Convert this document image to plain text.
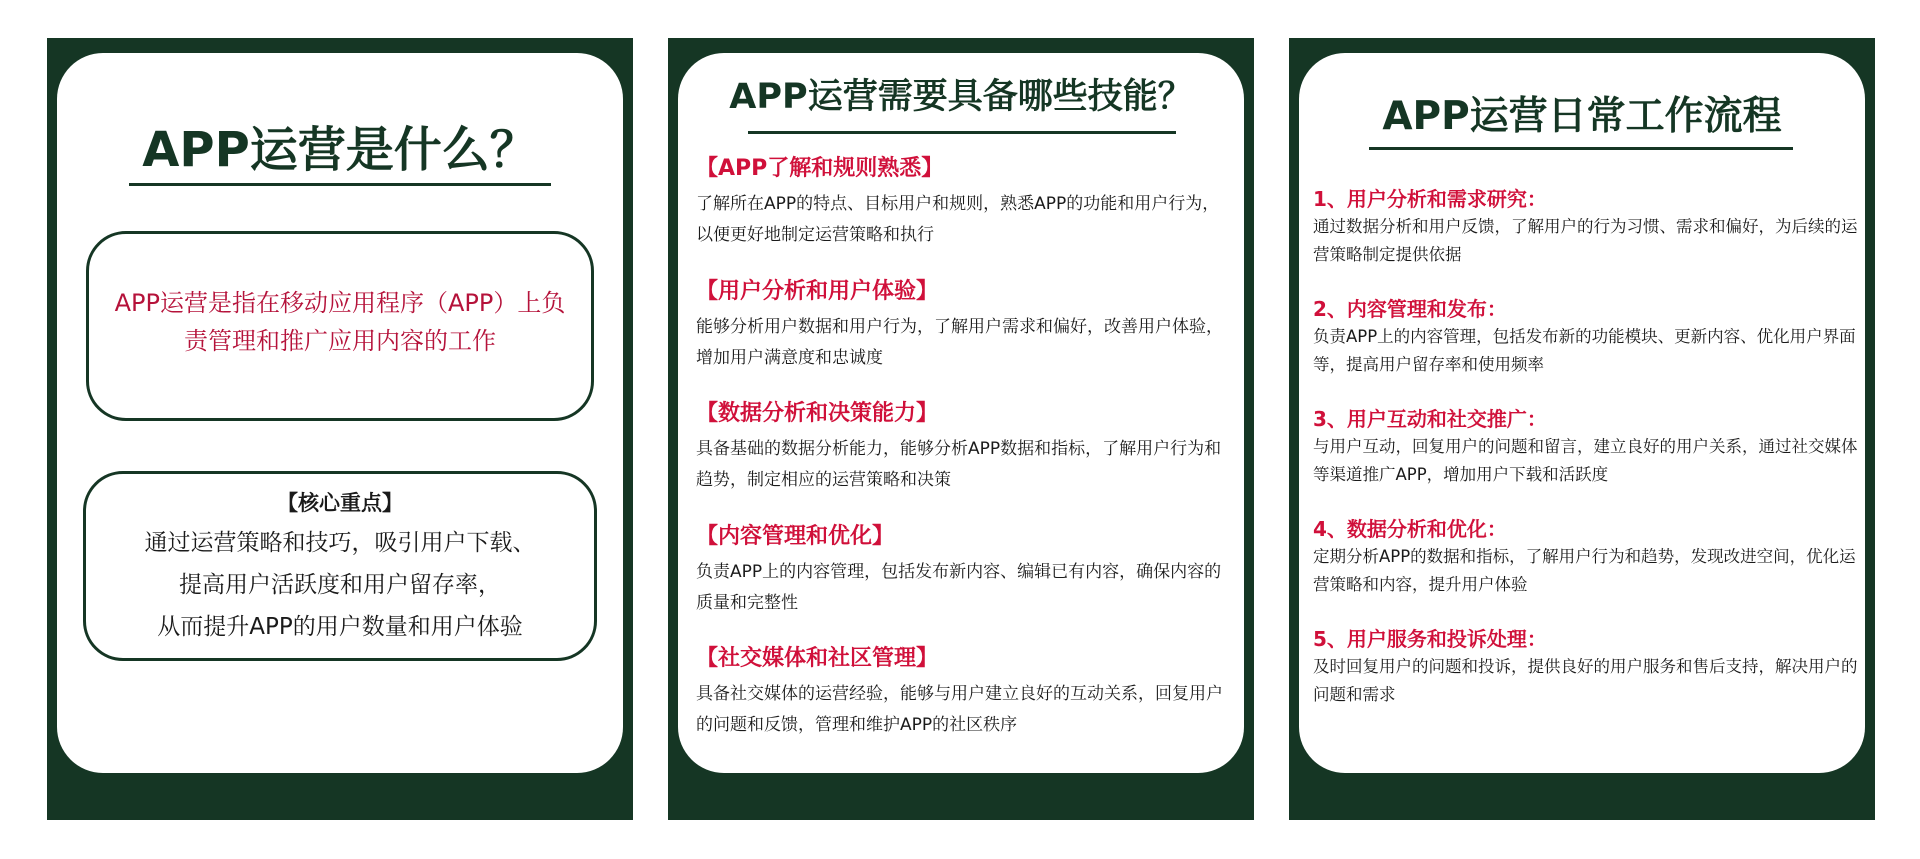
APP运营是什么？

APP运营是指在移动应用程序（APP）上负责管理和推广应用内容的工作

【核心重点】

通过运营策略和技巧，吸引用户下载、

提高用户活跃度和用户留存率，

从而提升APP的用户数量和用户体验

APP运营需要具备哪些技能？

【APP了解和规则熟悉】

了解所在APP的特点、目标用户和规则，熟悉APP的功能和用户行为，以便更好地制定运营策略和执行

【用户分析和用户体验】

能够分析用户数据和用户行为，了解用户需求和偏好，改善用户体验，增加用户满意度和忠诚度

【数据分析和决策能力】

具备基础的数据分析能力，能够分析APP数据和指标，了解用户行为和趋势，制定相应的运营策略和决策

【内容管理和优化】

负责APP上的内容管理，包括发布新内容、编辑已有内容，确保内容的质量和完整性

【社交媒体和社区管理】

具备社交媒体的运营经验，能够与用户建立良好的互动关系，回复用户的问题和反馈，管理和维护APP的社区秩序

APP运营日常工作流程

1、用户分析和需求研究：

通过数据分析和用户反馈，了解用户的行为习惯、需求和偏好，为后续的运营策略制定提供依据

2、内容管理和发布：

负责APP上的内容管理，包括发布新的功能模块、更新内容、优化用户界面等，提高用户留存率和使用频率

3、用户互动和社交推广：

与用户互动，回复用户的问题和留言，建立良好的用户关系，通过社交媒体等渠道推广APP，增加用户下载和活跃度

4、数据分析和优化：

定期分析APP的数据和指标，了解用户行为和趋势，发现改进空间，优化运营策略和内容，提升用户体验

5、用户服务和投诉处理：

及时回复用户的问题和投诉，提供良好的用户服务和售后支持，解决用户的问题和需求
